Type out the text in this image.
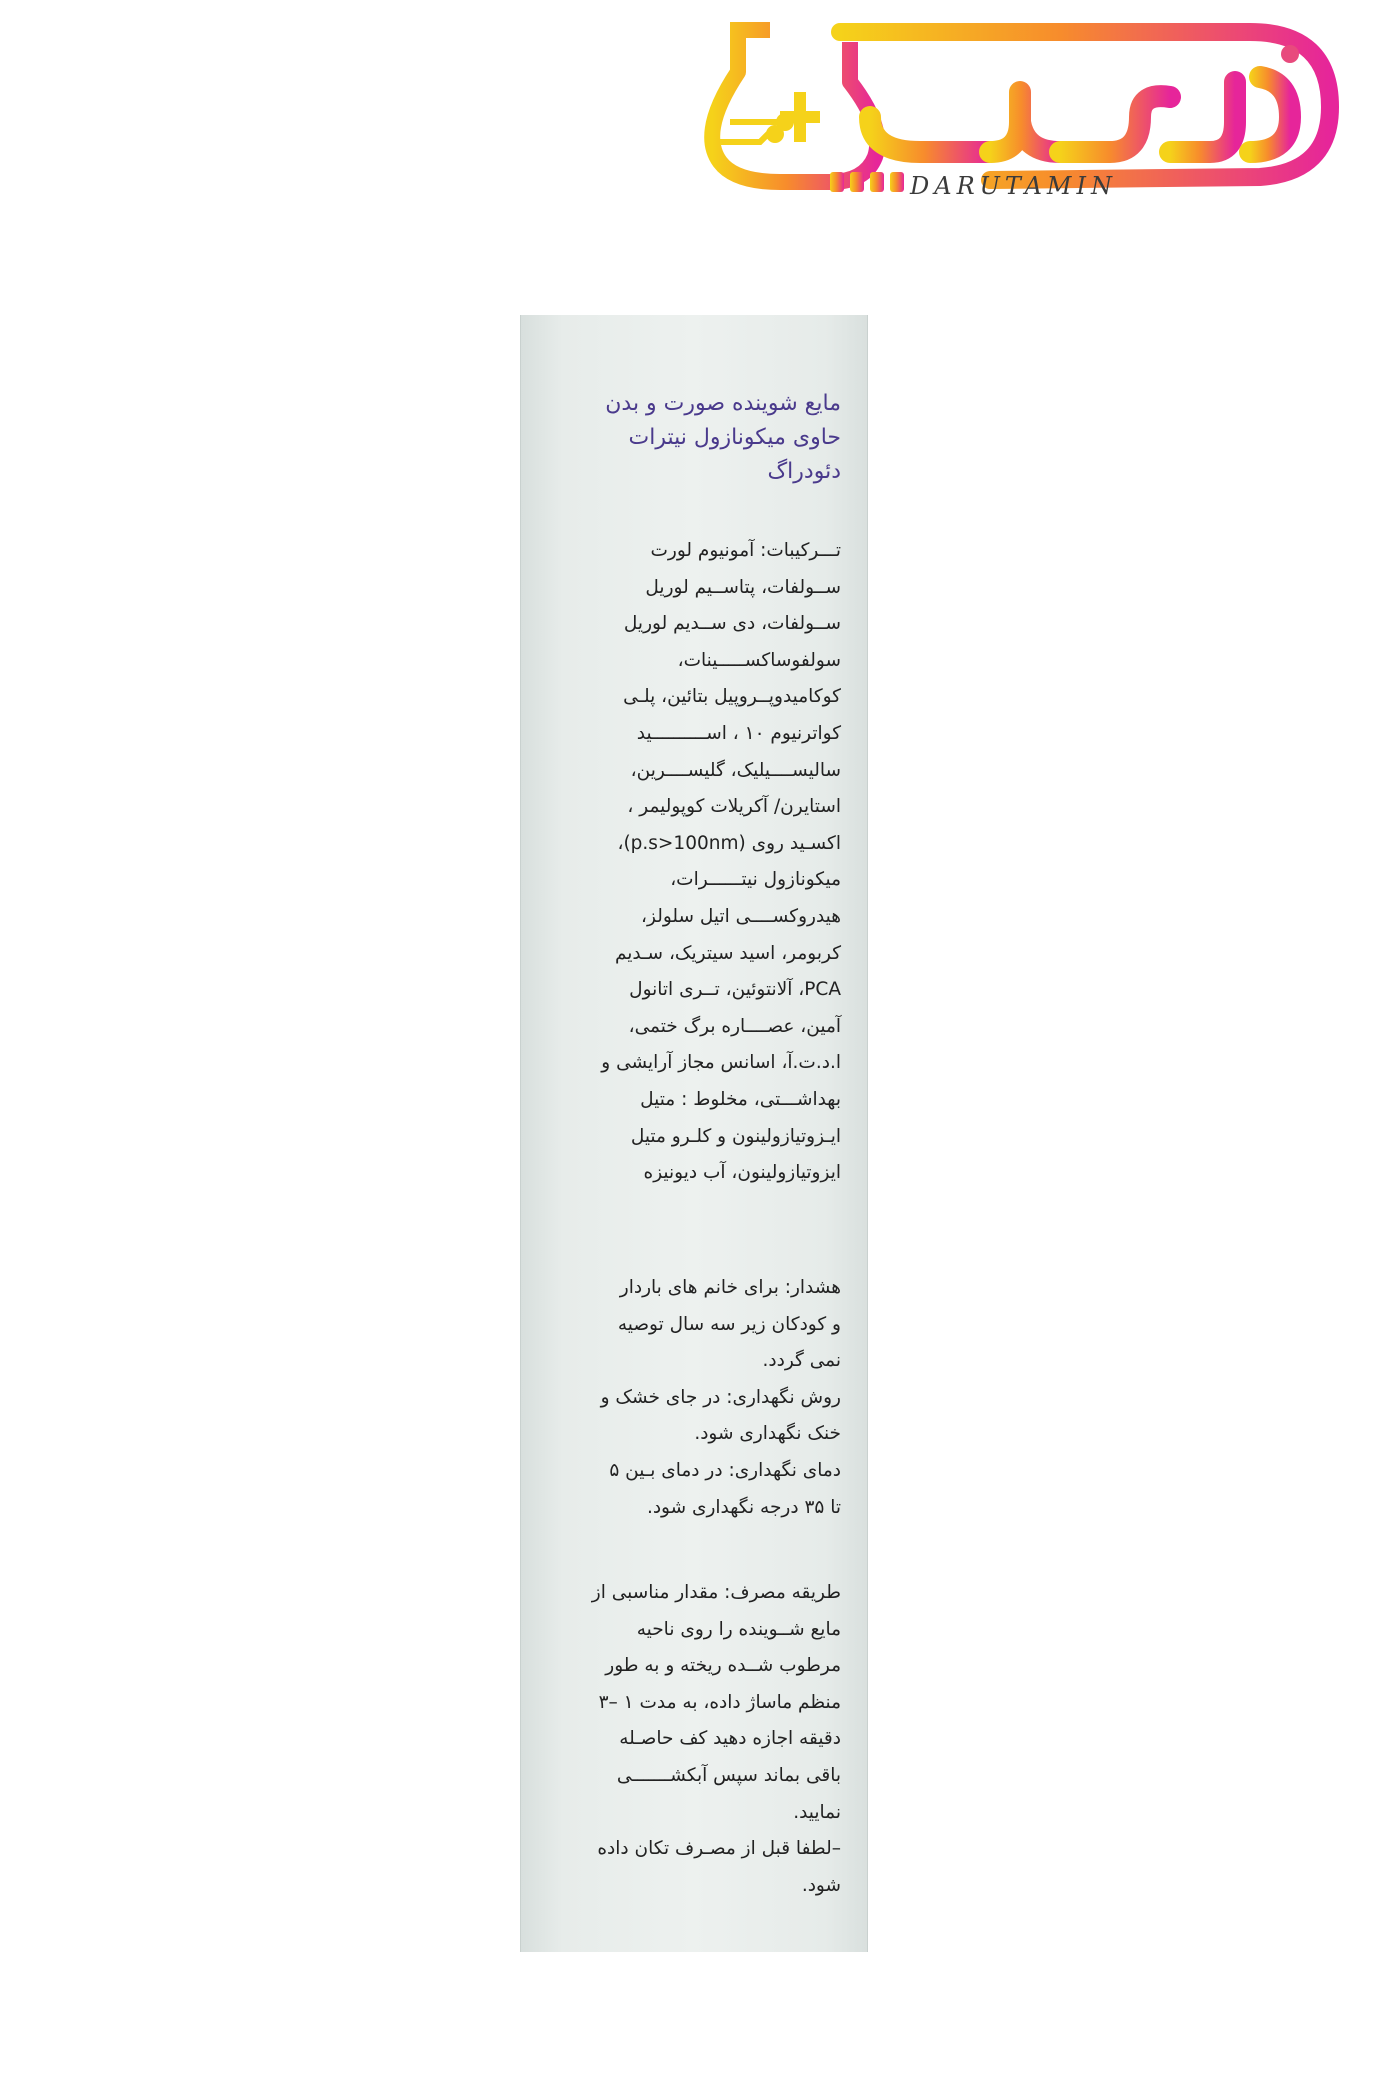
DARUTAMIN
مایع شوینده صورت و بدن
حاوی میکونازول نیترات
دئودراگ
تـــرکیبات: آمونیوم لورت
ســولفات، پتاســیم لوریل
ســولفات، دی ســدیم لوریل
سولفوساکســـــینات،
کوکامیدوپــروپیل بتائین، پلـی
کواترنیوم ۱۰ ، اســــــــــید
سالیســــیلیک، گلیســــرین،
استایرن/ آکریلات کوپولیمر ،
اکسـید روی (p.s>100nm)،
میکونازول نیتــــــرات،
هیدروکســــی اتیل سلولز،
کربومر، اسید سیتریک، سـدیم
PCA، آلانتوئین، تــری اتانول
آمین، عصــــاره برگ ختمی،
ا.د.ت.آ، اسانس مجاز آرایشی و
بهداشـــتی، مخلوط : متیل
ایـزوتیازولینون و کلـرو متیل
ایزوتیازولینون، آب دیونیزه
هشدار: برای خانم های باردار
و کودکان زیر سه سال توصیه
نمی گردد.
روش نگهداری: در جای خشک و
خنک نگهداری شود.
دمای نگهداری: در دمای بـین ۵
تا ۳۵ درجه نگهداری شود.
طریقه مصرف: مقدار مناسبی از
مایع شــوینده را روی ناحیه
مرطوب شــده ریخته و به طور
منظم ماساژ داده، به مدت ۱ –۳
دقیقه اجازه دهید کف حاصـله
باقی بماند سپس آبکشـــــــی
نمایید.
–لطفا قبل از مصـرف تکان داده
شود.
